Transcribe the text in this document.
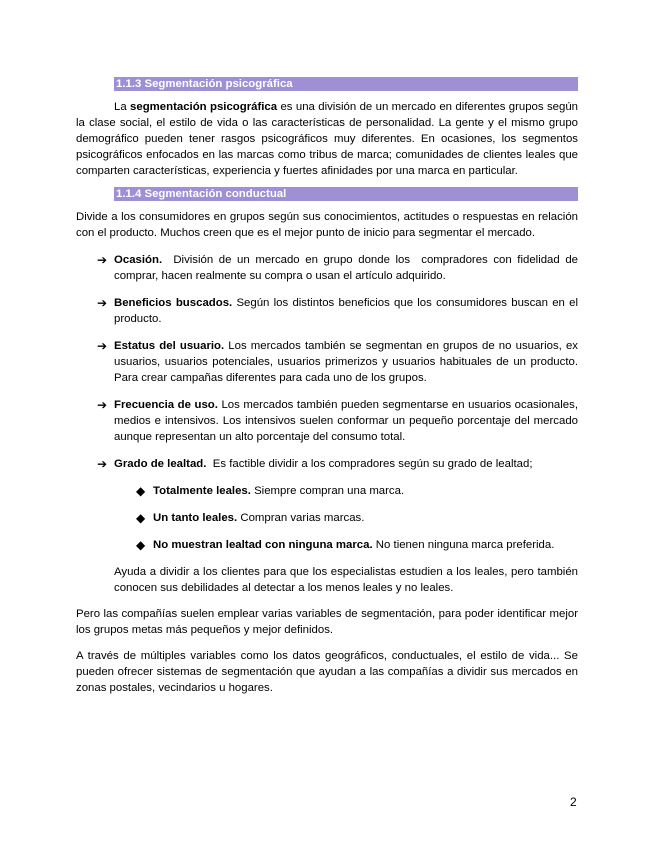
1.1.3 Segmentación psicográfica

La segmentación psicográfica es una división de un mercado en diferentes grupos según la clase social, el estilo de vida o las características de personalidad. La gente y el mismo grupo demográfico pueden tener rasgos psicográficos muy diferentes. En ocasiones, los segmentos psicográficos enfocados en las marcas como tribus de marca; comunidades de clientes leales que comparten características, experiencia y fuertes afinidades por una marca en particular.

1.1.4 Segmentación conductual

Divide a los consumidores en grupos según sus conocimientos, actitudes o respuestas en relación con el producto. Muchos creen que es el mejor punto de inicio para segmentar el mercado.

➔ Ocasión.  División de un mercado en grupo donde los  compradores con fidelidad de comprar, hacen realmente su compra o usan el artículo adquirido.
➔ Beneficios buscados. Según los distintos beneficios que los consumidores buscan en el producto.
➔ Estatus del usuario. Los mercados también se segmentan en grupos de no usuarios, ex usuarios, usuarios potenciales, usuarios primerizos y usuarios habituales de un producto. Para crear campañas diferentes para cada uno de los grupos.
➔ Frecuencia de uso. Los mercados también pueden segmentarse en usuarios ocasionales, medios e intensivos. Los intensivos suelen conformar un pequeño porcentaje del mercado aunque representan un alto porcentaje del consumo total.
➔ Grado de lealtad.  Es factible dividir a los compradores según su grado de lealtad;
◆ Totalmente leales. Siempre compran una marca.
◆ Un tanto leales. Compran varias marcas.
◆ No muestran lealtad con ninguna marca. No tienen ninguna marca preferida.

Ayuda a dividir a los clientes para que los especialistas estudien a los leales, pero también conocen sus debilidades al detectar a los menos leales y no leales.

Pero las compañías suelen emplear varias variables de segmentación, para poder identificar mejor los grupos metas más pequeños y mejor definidos.

A través de múltiples variables como los datos geográficos, conductuales, el estilo de vida... Se pueden ofrecer sistemas de segmentación que ayudan a las compañías a dividir sus mercados en zonas postales, vecindarios u hogares.

2
